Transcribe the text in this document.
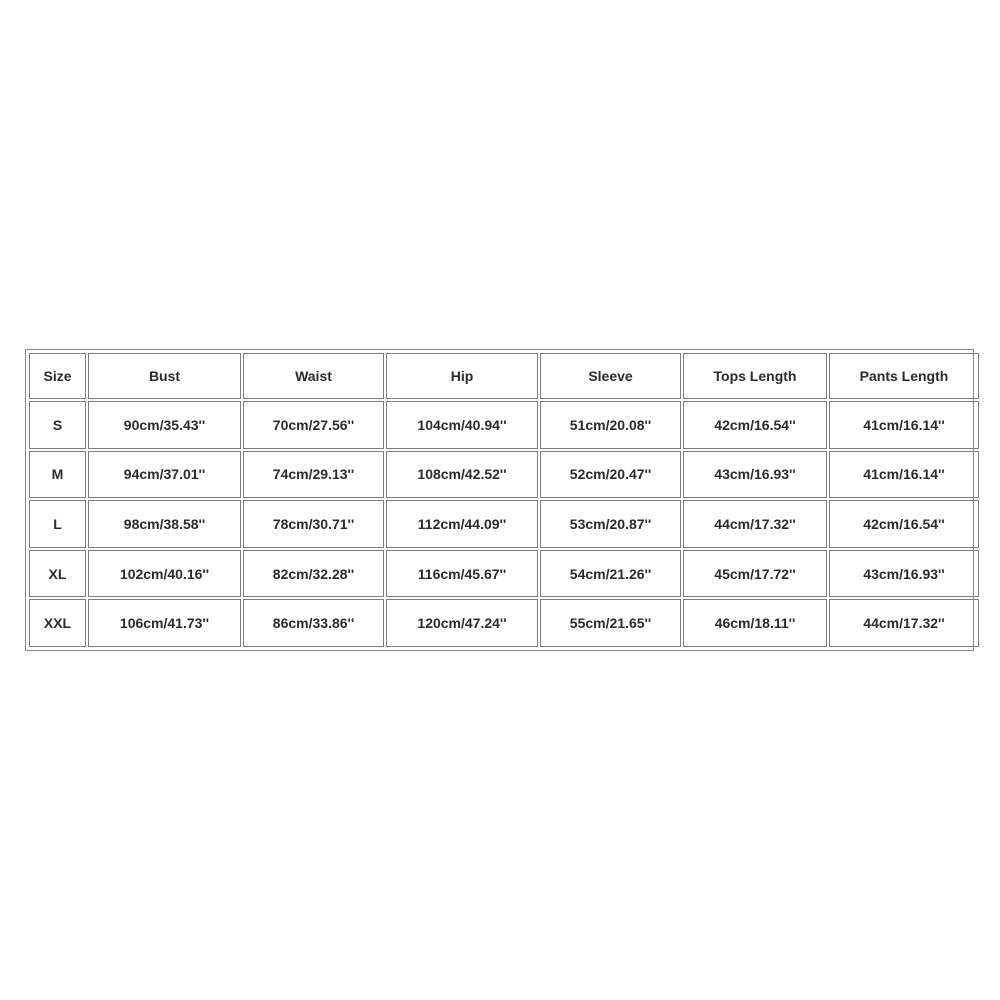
Size	Bust	Waist	Hip	Sleeve	Tops Length	Pants Length
S	90cm/35.43''	70cm/27.56''	104cm/40.94''	51cm/20.08''	42cm/16.54''	41cm/16.14''
M	94cm/37.01''	74cm/29.13''	108cm/42.52''	52cm/20.47''	43cm/16.93''	41cm/16.14''
L	98cm/38.58''	78cm/30.71''	112cm/44.09''	53cm/20.87''	44cm/17.32''	42cm/16.54''
XL	102cm/40.16''	82cm/32.28''	116cm/45.67''	54cm/21.26''	45cm/17.72''	43cm/16.93''
XXL	106cm/41.73''	86cm/33.86''	120cm/47.24''	55cm/21.65''	46cm/18.11''	44cm/17.32''
